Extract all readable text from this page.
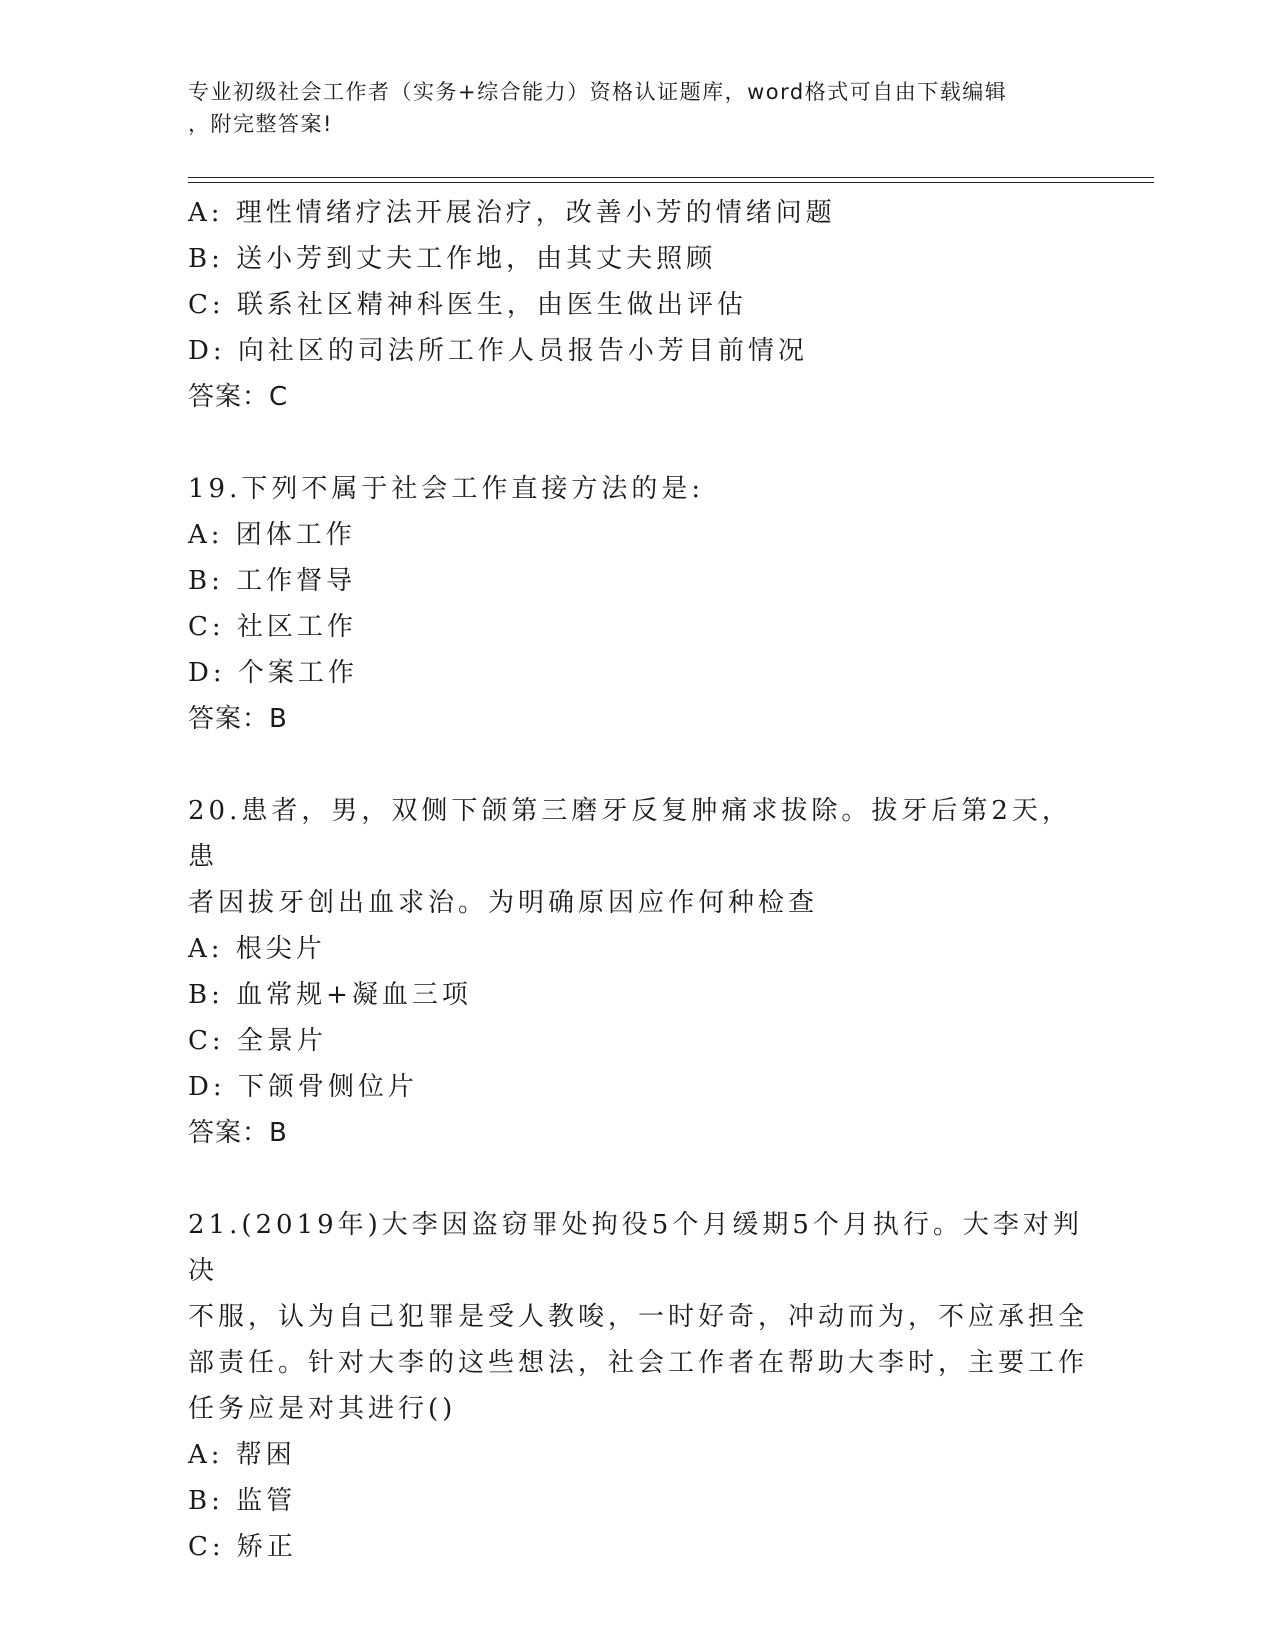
专业初级社会工作者（实务+综合能力）资格认证题库，word格式可自由下载编辑
，附完整答案!
A: 理性情绪疗法开展治疗，改善小芳的情绪问题
B: 送小芳到丈夫工作地，由其丈夫照顾
C: 联系社区精神科医生，由医生做出评估
D: 向社区的司法所工作人员报告小芳目前情况
答案：C
19.下列不属于社会工作直接方法的是:
A: 团体工作
B: 工作督导
C: 社区工作
D: 个案工作
答案：B
20.患者，男，双侧下颌第三磨牙反复肿痛求拔除。拔牙后第2天，患
者因拔牙创出血求治。为明确原因应作何种检查
A: 根尖片
B: 血常规+凝血三项
C: 全景片
D: 下颌骨侧位片
答案：B
21.(2019年)大李因盗窃罪处拘役5个月缓期5个月执行。大李对判决
不服，认为自己犯罪是受人教唆，一时好奇，冲动而为，不应承担全
部责任。针对大李的这些想法，社会工作者在帮助大李时，主要工作
任务应是对其进行()
A: 帮困
B: 监管
C: 矫正
